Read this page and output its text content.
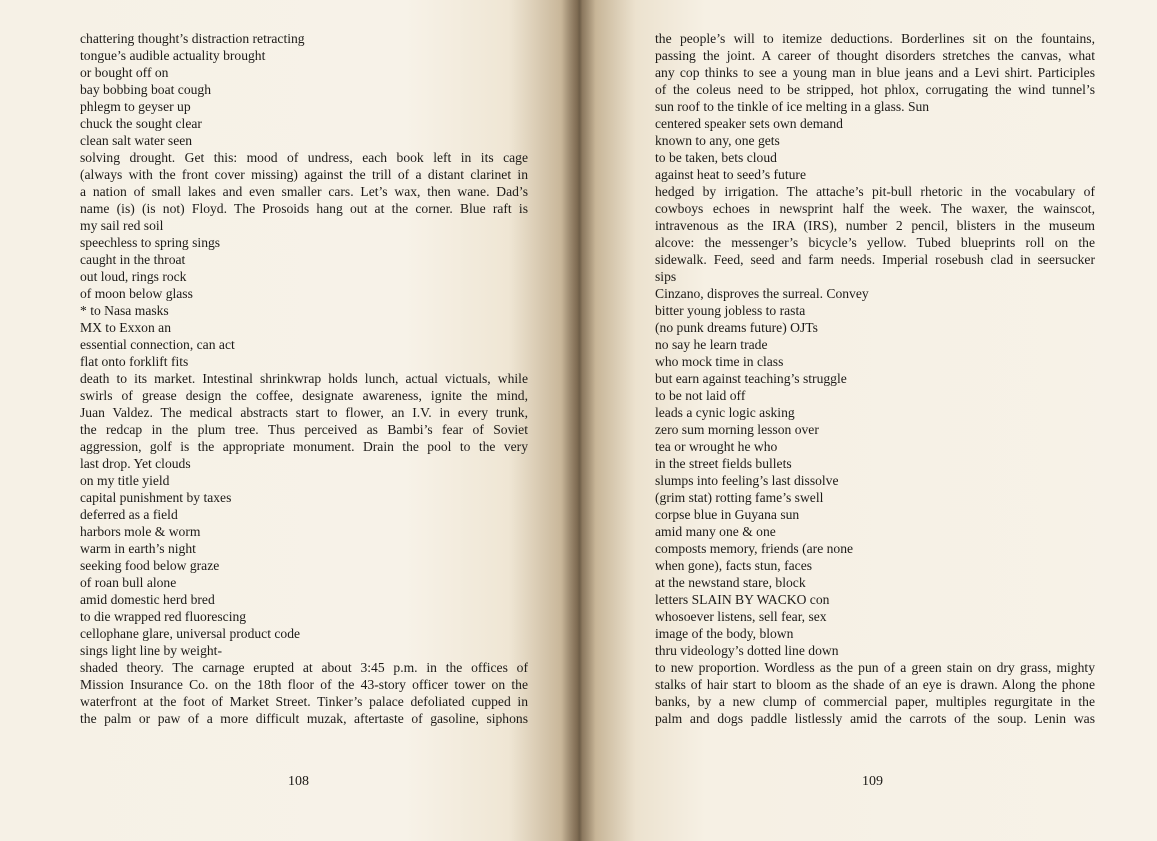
chattering thought’s distraction retracting
tongue’s audible actuality brought
or bought off on
bay bobbing boat cough
phlegm to geyser up
chuck the sought clear
clean salt water seen
solving drought. Get this: mood of undress, each book left in its cage
(always with the front cover missing) against the trill of a distant clarinet in
a nation of small lakes and even smaller cars. Let’s wax, then wane. Dad’s
name (is) (is not) Floyd. The Prosoids hang out at the corner. Blue raft is
my sail red soil
speechless to spring sings
caught in the throat
out loud, rings rock
of moon below glass
* to Nasa masks
MX to Exxon an
essential connection, can act
flat onto forklift fits
death to its market. Intestinal shrinkwrap holds lunch, actual victuals, while
swirls of grease design the coffee, designate awareness, ignite the mind,
Juan Valdez. The medical abstracts start to flower, an I.V. in every trunk,
the redcap in the plum tree. Thus perceived as Bambi’s fear of Soviet
aggression, golf is the appropriate monument. Drain the pool to the very
last drop. Yet clouds
on my title yield
capital punishment by taxes
deferred as a field
harbors mole & worm
warm in earth’s night
seeking food below graze
of roan bull alone
amid domestic herd bred
to die wrapped red fluorescing
cellophane glare, universal product code
sings light line by weight-
shaded theory. The carnage erupted at about 3:45 p.m. in the offices of
Mission Insurance Co. on the 18th floor of the 43-story officer tower on the
waterfront at the foot of Market Street. Tinker’s palace defoliated cupped in
the palm or paw of a more difficult muzak, aftertaste of gasoline, siphons
108
the people’s will to itemize deductions. Borderlines sit on the fountains,
passing the joint. A career of thought disorders stretches the canvas, what
any cop thinks to see a young man in blue jeans and a Levi shirt. Participles
of the coleus need to be stripped, hot phlox, corrugating the wind tunnel’s
sun roof to the tinkle of ice melting in a glass. Sun
centered speaker sets own demand
known to any, one gets
to be taken, bets cloud
against heat to seed’s future
hedged by irrigation. The attache’s pit-bull rhetoric in the vocabulary of
cowboys echoes in newsprint half the week. The waxer, the wainscot,
intravenous as the IRA (IRS), number 2 pencil, blisters in the museum
alcove: the messenger’s bicycle’s yellow. Tubed blueprints roll on the
sidewalk. Feed, seed and farm needs. Imperial rosebush clad in seersucker
sips
Cinzano, disproves the surreal. Convey
bitter young jobless to rasta
(no punk dreams future) OJTs
no say he learn trade
who mock time in class
but earn against teaching’s struggle
to be not laid off
leads a cynic logic asking
zero sum morning lesson over
tea or wrought he who
in the street fields bullets
slumps into feeling’s last dissolve
(grim stat) rotting fame’s swell
corpse blue in Guyana sun
amid many one & one
composts memory, friends (are none
when gone), facts stun, faces
at the newstand stare, block
letters SLAIN BY WACKO con
whosoever listens, sell fear, sex
image of the body, blown
thru videology’s dotted line down
to new proportion. Wordless as the pun of a green stain on dry grass, mighty
stalks of hair start to bloom as the shade of an eye is drawn. Along the phone
banks, by a new clump of commercial paper, multiples regurgitate in the
palm and dogs paddle listlessly amid the carrots of the soup. Lenin was
109
